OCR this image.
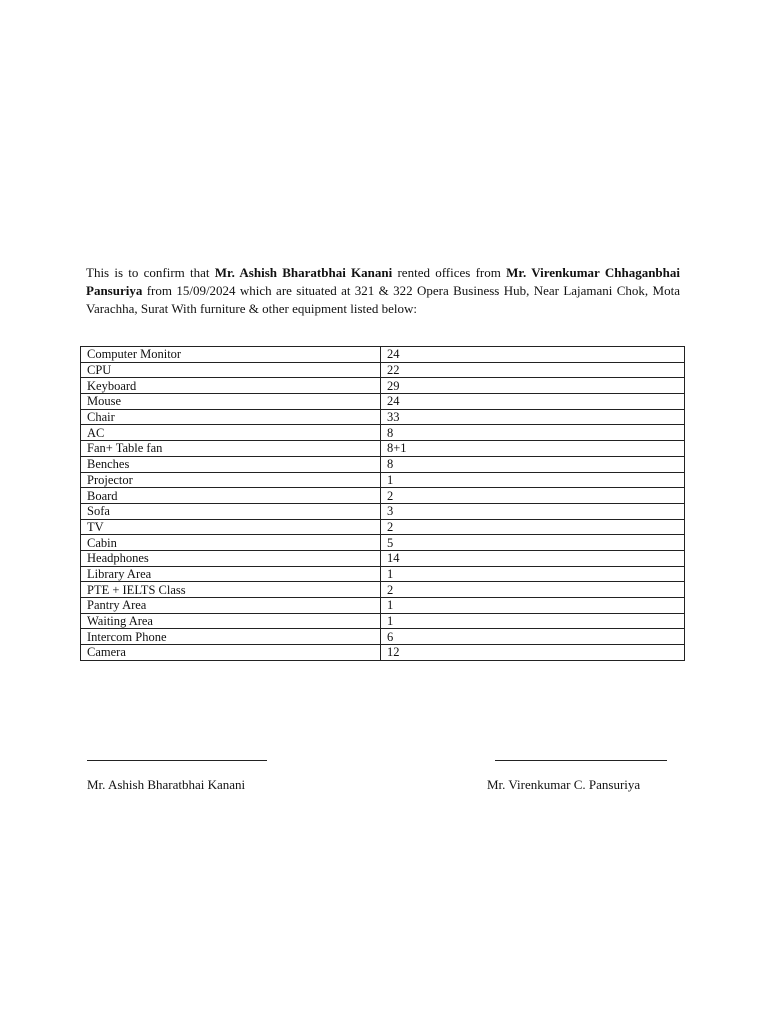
This is to confirm that Mr. Ashish Bharatbhai Kanani rented offices from Mr. Virenkumar Chhaganbhai Pansuriya from 15/09/2024 which are situated at 321 & 322 Opera Business Hub, Near Lajamani Chok, Mota Varachha, Surat With furniture & other equipment listed below:

Computer Monitor	24
CPU	22
Keyboard	29
Mouse	24
Chair	33
AC	8
Fan+ Table fan	8+1
Benches	8
Projector	1
Board	2
Sofa	3
TV	2
Cabin	5
Headphones	14
Library Area	1
PTE + IELTS Class	2
Pantry Area	1
Waiting Area	1
Intercom Phone	6
Camera	12
Mr. Ashish Bharatbhai Kanani	Mr. Virenkumar C. Pansuriya
